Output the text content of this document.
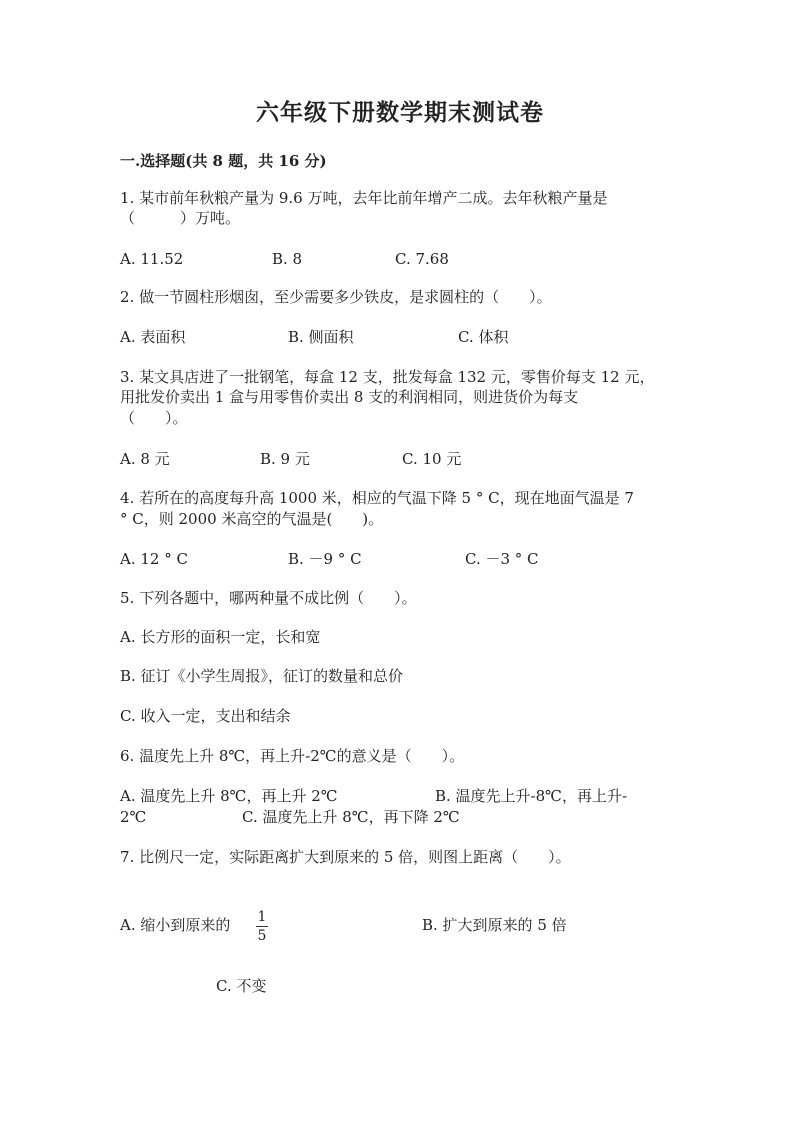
六年级下册数学期末测试卷
一.选择题(共 8 题，共 16 分)
1. 某市前年秋粮产量为 9.6 万吨，去年比前年增产二成。去年秋粮产量是
（　　　）万吨。
A. 11.52	B. 8	C. 7.68
2. 做一节圆柱形烟囱，至少需要多少铁皮，是求圆柱的（　　）。
A. 表面积	B. 侧面积	C. 体积
3. 某文具店进了一批钢笔，每盒 12 支，批发每盒 132 元，零售价每支 12 元，
用批发价卖出 1 盒与用零售价卖出 8 支的利润相同，则进货价为每支
（　　）。
A. 8 元	B. 9 元	C. 10 元
4. 若所在的高度每升高 1000 米，相应的气温下降 5 ° C，现在地面气温是 7
° C，则 2000 米高空的气温是(　　)。
A. 12 ° C	B. －9 ° C	C. －3 ° C
5. 下列各题中，哪两种量不成比例（　　）。
A. 长方形的面积一定，长和宽
B. 征订《小学生周报》，征订的数量和总价
C. 收入一定，支出和结余
6. 温度先上升 8℃，再上升-2℃的意义是（　　）。
A. 温度先上升 8℃，再上升 2℃	B. 温度先上升-8℃，再上升-
2℃	C. 温度先上升 8℃，再下降 2℃
7. 比例尺一定，实际距离扩大到原来的 5 倍，则图上距离（　　）。
A. 缩小到原来的 1
5
B. 扩大到原来的 5 倍
C. 不变
